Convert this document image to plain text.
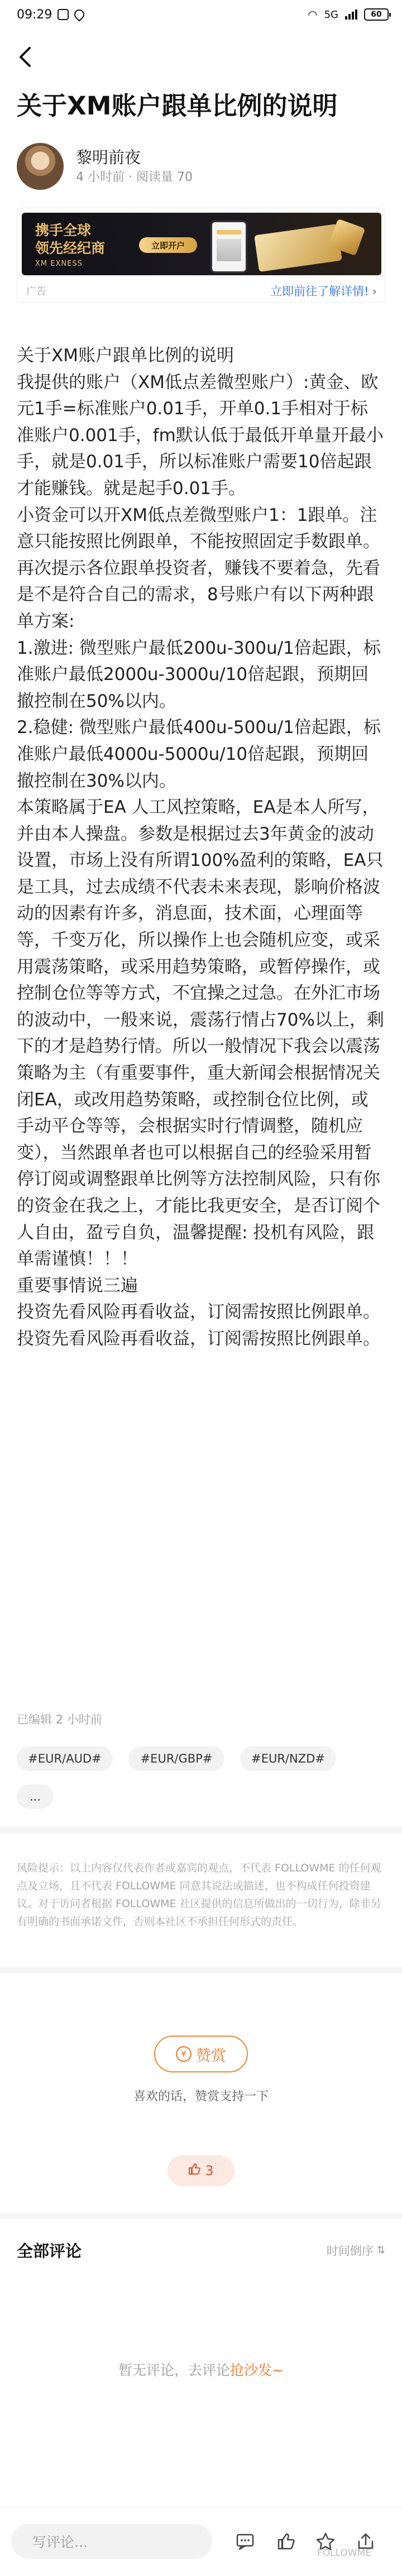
09:29	◠ 5G	60
关于XM账户跟单比例的说明
黎明前夜
4 小时前 · 阅读量 70
携手全球
领先经纪商
XM EXNESS
立即开户
广告	立即前往了解详情! ›
关于XM账户跟单比例的说明
我提供的账户（XM低点差微型账户）:黄金、欧元1手=标准账户0.01手，开单0.1手相对于标准账户0.001手，fm默认低于最低开单量开最小手，就是0.01手，所以标准账户需要10倍起跟才能赚钱。就是起手0.01手。
小资金可以开XM低点差微型账户1：1跟单。注意只能按照比例跟单，不能按照固定手数跟单。
再次提示各位跟单投资者，赚钱不要着急，先看是不是符合自己的需求，8号账户有以下两种跟单方案:
1.激进: 微型账户最低200u-300u/1倍起跟，标准账户最低2000u-3000u/10倍起跟，预期回撤控制在50%以内。
2.稳健: 微型账户最低400u-500u/1倍起跟，标准账户最低4000u-5000u/10倍起跟，预期回撤控制在30%以内。
本策略属于EA 人工风控策略，EA是本人所写，并由本人操盘。参数是根据过去3年黄金的波动设置，市场上没有所谓100%盈利的策略，EA只是工具，过去成绩不代表未来表现，影响价格波动的因素有许多，消息面，技术面，心理面等等，千变万化，所以操作上也会随机应变，或采用震荡策略，或采用趋势策略，或暂停操作，或控制仓位等等方式，不宜操之过急。在外汇市场的波动中，一般来说，震荡行情占70%以上，剩下的才是趋势行情。所以一般情况下我会以震荡策略为主（有重要事件，重大新闻会根据情况关闭EA，或改用趋势策略，或控制仓位比例，或手动平仓等等，会根据实时行情调整，随机应变），当然跟单者也可以根据自己的经验采用暂停订阅或调整跟单比例等方法控制风险，只有你的资金在我之上，才能比我更安全，是否订阅个人自由，盈亏自负，温馨提醒: 投机有风险，跟单需谨慎！！！
重要事情说三遍
投资先看风险再看收益，订阅需按照比例跟单。
投资先看风险再看收益，订阅需按照比例跟单。
已编辑 2 小时前
#EUR/AUD#	#EUR/GBP#	#EUR/NZD#
...
风险提示：以上内容仅代表作者或嘉宾的观点，不代表 FOLLOWME 的任何观点及立场，且不代表 FOLLOWME 同意其说法或描述，也不构成任何投资建议。对于访问者根据 FOLLOWME 社区提供的信息所做出的一切行为，除非另有明确的书面承诺文件，否则本社区不承担任何形式的责任。
¥ 赞赏
喜欢的话，赞赏支持一下
3
全部评论	时间倒序 ⇅
暂无评论，去评论抢沙发~
写评论...
FOLLOWME
